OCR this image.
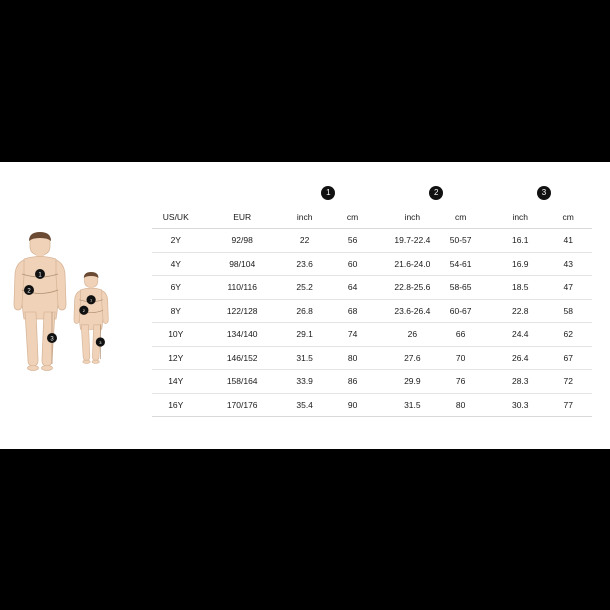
1
2
3
1
2
3
			1			2			3	
US/UK	EUR		inch	cm		inch	cm		inch	cm
2Y	92/98		22	56		19.7-22.4	50-57		16.1	41
4Y	98/104		23.6	60		21.6-24.0	54-61		16.9	43
6Y	110/116		25.2	64		22.8-25.6	58-65		18.5	47
8Y	122/128		26.8	68		23.6-26.4	60-67		22.8	58
10Y	134/140		29.1	74		26	66		24.4	62
12Y	146/152		31.5	80		27.6	70		26.4	67
14Y	158/164		33.9	86		29.9	76		28.3	72
16Y	170/176		35.4	90		31.5	80		30.3	77
